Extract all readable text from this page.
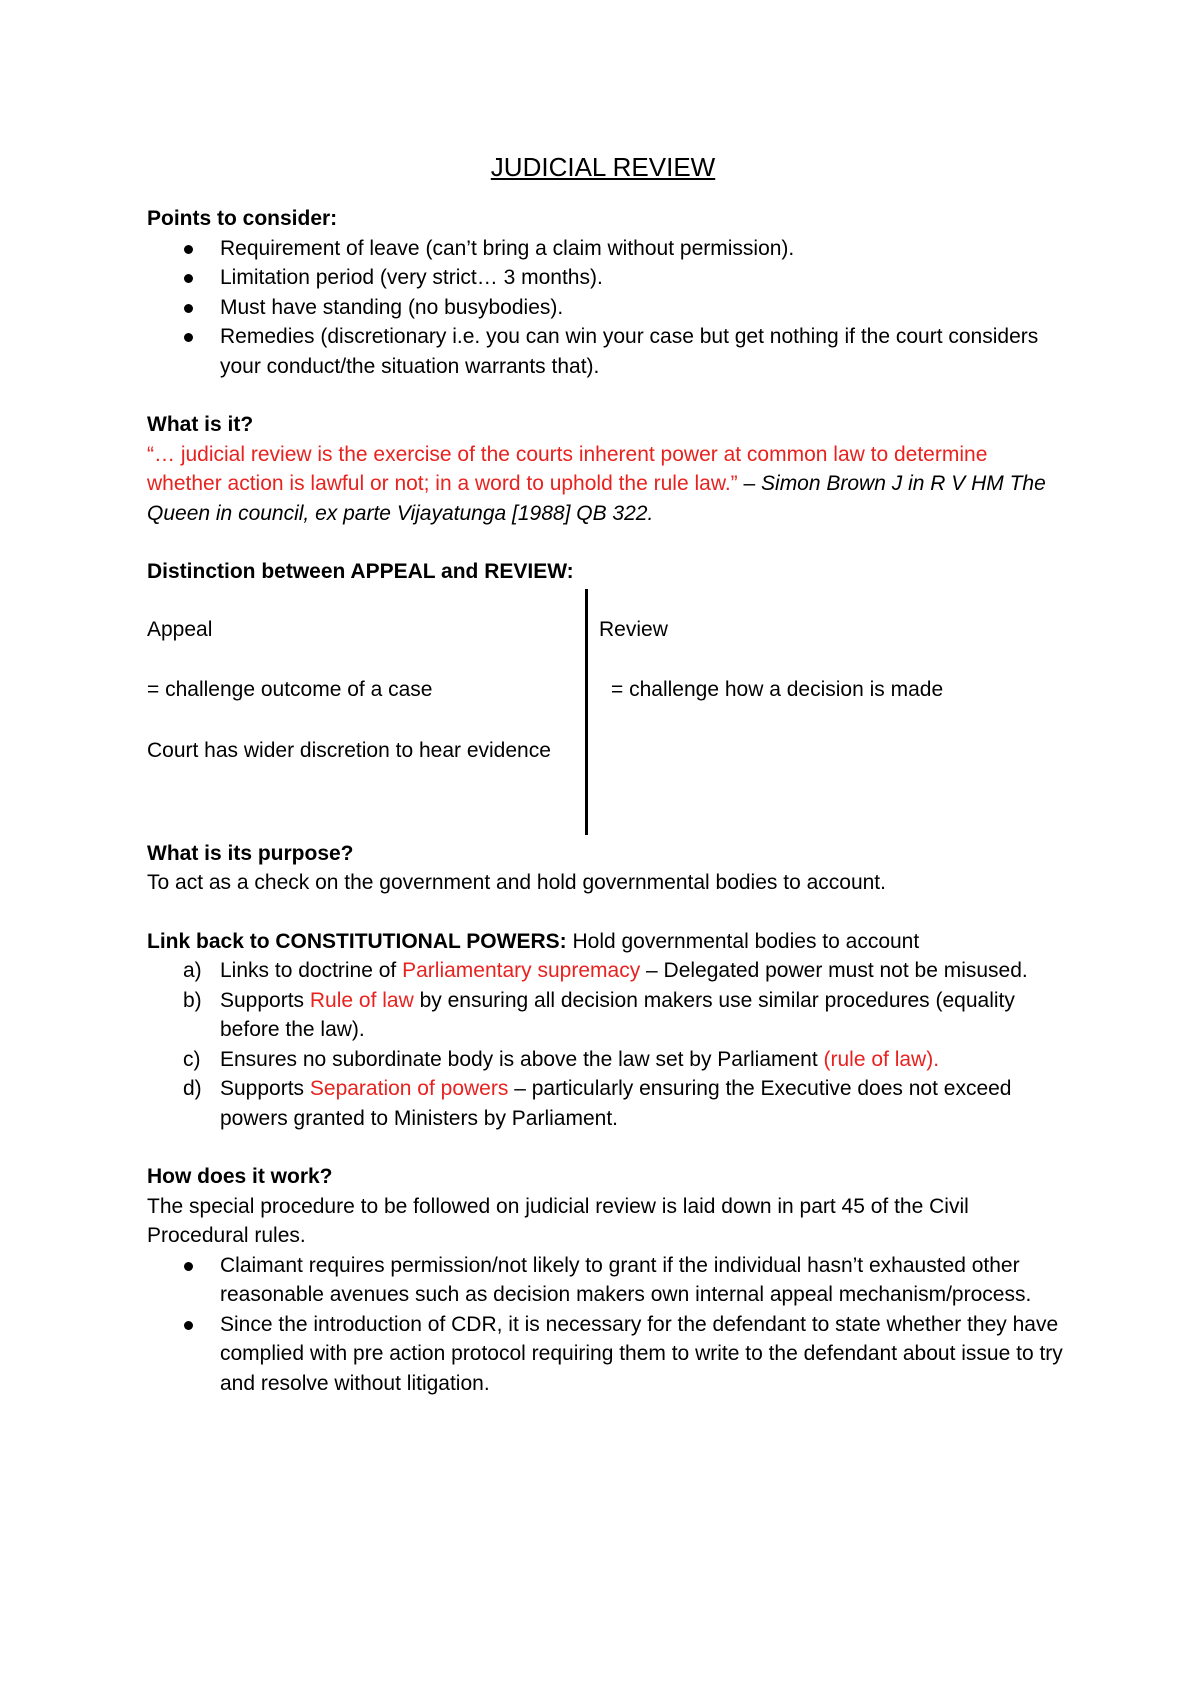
JUDICIAL REVIEW

Points to consider:

Requirement of leave (can’t bring a claim without permission).
Limitation period (very strict… 3 months).
Must have standing (no busybodies).
Remedies (discretionary i.e. you can win your case but get nothing if the court considers your conduct/the situation warrants that).

What is it?

“… judicial review is the exercise of the courts inherent power at common law to determine whether action is lawful or not; in a word to uphold the rule law.” – Simon Brown J in R V HM The Queen in council, ex parte Vijayatunga [1988] QB 322.

Distinction between APPEAL and REVIEW:

Appeal
= challenge outcome of a case
Court has wider discretion to hear evidence
Review
= challenge how a decision is made

What is its purpose?

To act as a check on the government and hold governmental bodies to account.

Link back to CONSTITUTIONAL POWERS: Hold governmental bodies to account

a) Links to doctrine of Parliamentary supremacy – Delegated power must not be misused.
b) Supports Rule of law by ensuring all decision makers use similar procedures (equality before the law).
c) Ensures no subordinate body is above the law set by Parliament (rule of law).
d) Supports Separation of powers – particularly ensuring the Executive does not exceed powers granted to Ministers by Parliament.

How does it work?

The special procedure to be followed on judicial review is laid down in part 45 of the Civil Procedural rules.

Claimant requires permission/not likely to grant if the individual hasn’t exhausted other reasonable avenues such as decision makers own internal appeal mechanism/process.
Since the introduction of CDR, it is necessary for the defendant to state whether they have complied with pre action protocol requiring them to write to the defendant about issue to try and resolve without litigation.
